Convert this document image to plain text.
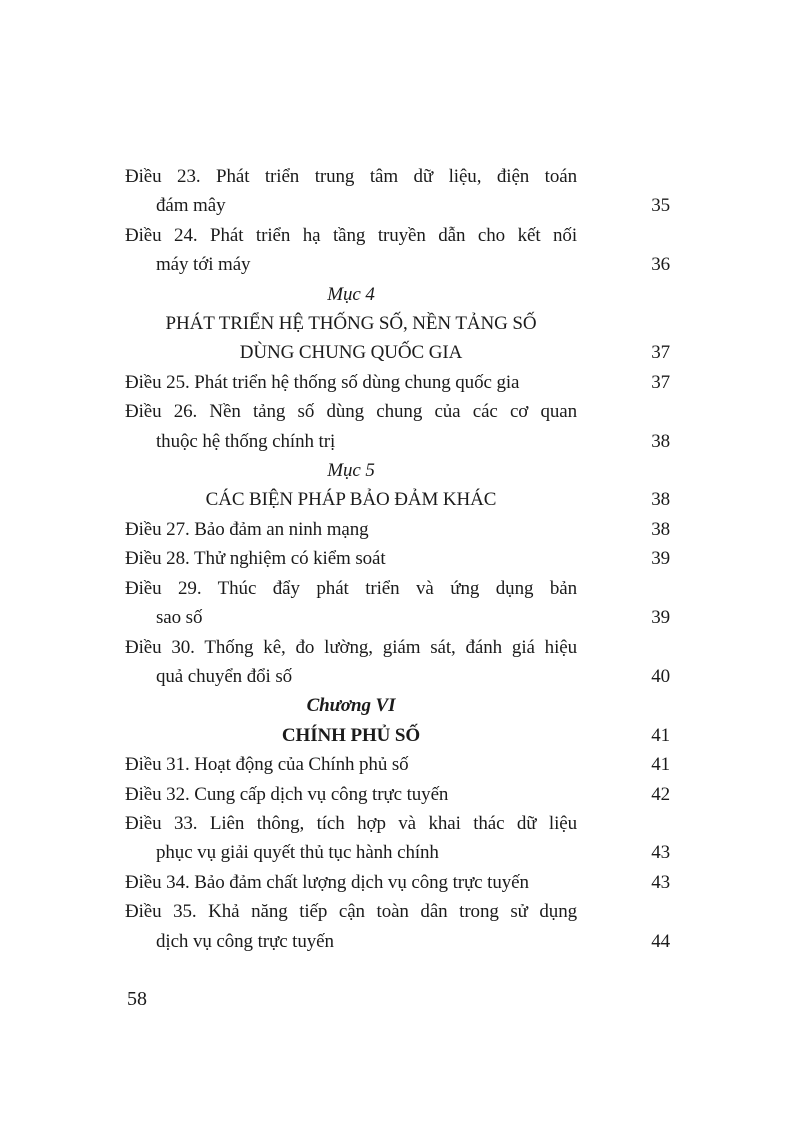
Điều 23. Phát triển trung tâm dữ liệu, điện toán
đám mây	35
Điều 24. Phát triển hạ tầng truyền dẫn cho kết nối
máy tới máy	36
Mục 4
PHÁT TRIỂN HỆ THỐNG SỐ, NỀN TẢNG SỐ
DÙNG CHUNG QUỐC GIA	37
Điều 25. Phát triển hệ thống số dùng chung quốc gia	37
Điều 26. Nền tảng số dùng chung của các cơ quan
thuộc hệ thống chính trị	38
Mục 5
CÁC BIỆN PHÁP BẢO ĐẢM KHÁC	38
Điều 27. Bảo đảm an ninh mạng	38
Điều 28. Thử nghiệm có kiểm soát	39
Điều 29. Thúc đẩy phát triển và ứng dụng bản
sao số	39
Điều 30. Thống kê, đo lường, giám sát, đánh giá hiệu
quả chuyển đổi số	40
Chương VI
CHÍNH PHỦ SỐ	41
Điều 31. Hoạt động của Chính phủ số	41
Điều 32. Cung cấp dịch vụ công trực tuyến	42
Điều 33. Liên thông, tích hợp và khai thác dữ liệu
phục vụ giải quyết thủ tục hành chính	43
Điều 34. Bảo đảm chất lượng dịch vụ công trực tuyến	43
Điều 35. Khả năng tiếp cận toàn dân trong sử dụng
dịch vụ công trực tuyến	44
58
